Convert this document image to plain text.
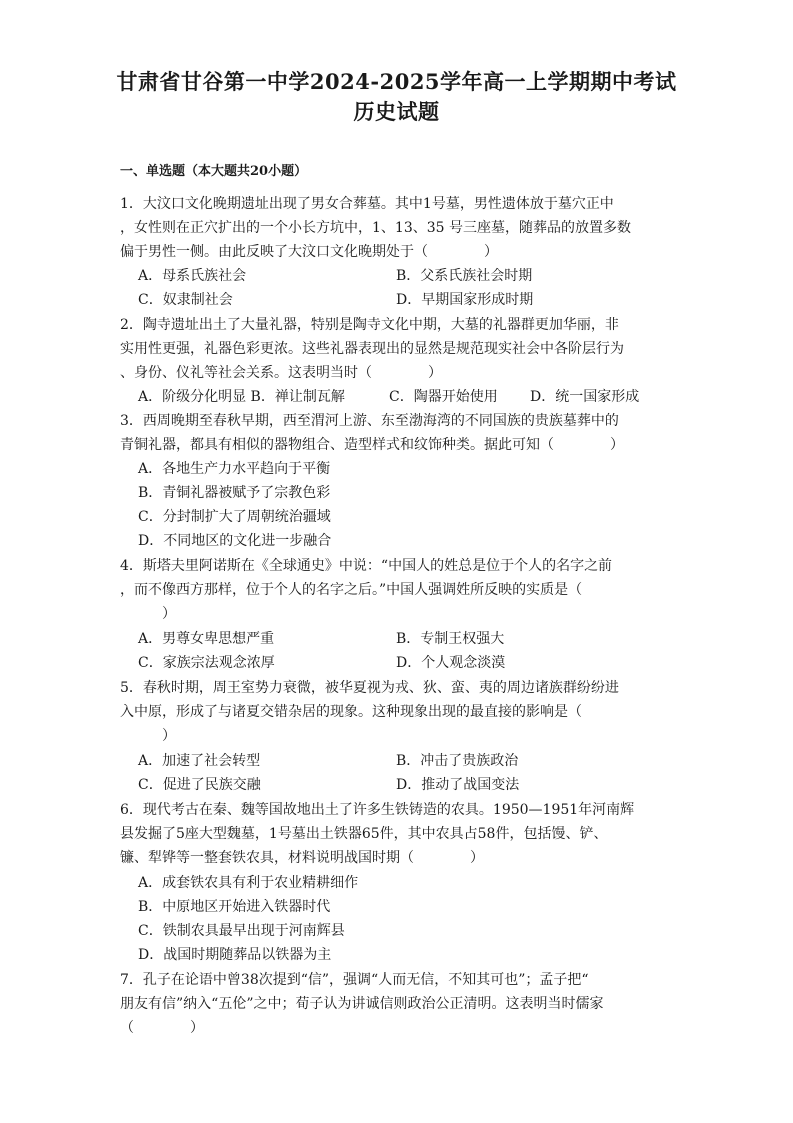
甘肃省甘谷第一中学2024-2025学年高一上学期期中考试
历史试题
一、单选题（本大题共20小题）
1．大汶口文化晚期遗址出现了男女合葬墓。其中1号墓，男性遗体放于墓穴正中
，女性则在正穴扩出的一个小长方坑中，1、13、35 号三座墓，随葬品的放置多数
偏于男性一侧。由此反映了大汶口文化晚期处于（　　　　）
A．母系氏族社会	B．父系氏族社会时期
C．奴隶制社会	D．早期国家形成时期
2．陶寺遗址出土了大量礼器，特别是陶寺文化中期，大墓的礼器群更加华丽，非
实用性更强，礼器色彩更浓。这些礼器表现出的显然是规范现实社会中各阶层行为
、身份、仪礼等社会关系。这表明当时（　　　　）
A．阶级分化明显 B．禅让制瓦解	C．陶器开始使用 D．统一国家形成
3．西周晚期至春秋早期，西至渭河上游、东至渤海湾的不同国族的贵族墓葬中的
青铜礼器，都具有相似的器物组合、造型样式和纹饰种类。据此可知（　　　　）
A．各地生产力水平趋向于平衡
B．青铜礼器被赋予了宗教色彩
C．分封制扩大了周朝统治疆域
D．不同地区的文化进一步融合
4．斯塔夫里阿诺斯在《全球通史》中说：“中国人的姓总是位于个人的名字之前
，而不像西方那样，位于个人的名字之后。”中国人强调姓所反映的实质是（
　　　）
A．男尊女卑思想严重	B．专制王权强大
C．家族宗法观念浓厚	D．个人观念淡漠
5．春秋时期，周王室势力衰微，被华夏视为戎、狄、蛮、夷的周边诸族群纷纷进
入中原，形成了与诸夏交错杂居的现象。这种现象出现的最直接的影响是（
　　　）
A．加速了社会转型	B．冲击了贵族政治
C．促进了民族交融	D．推动了战国变法
6．现代考古在秦、魏等国故地出土了许多生铁铸造的农具。1950—1951年河南辉
县发掘了5座大型魏墓，1号墓出土铁器65件，其中农具占58件，包括馒、铲、
镰、犁铧等一整套铁农具，材料说明战国时期（　　　　）
A．成套铁农具有利于农业精耕细作
B．中原地区开始进入铁器时代
C．铁制农具最早出现于河南辉县
D．战国时期随葬品以铁器为主
7．孔子在论语中曾38次提到“信”，强调“人而无信，不知其可也”；孟子把“
朋友有信”纳入“五伦”之中；荀子认为讲诚信则政治公正清明。这表明当时儒家
（　　　　）
